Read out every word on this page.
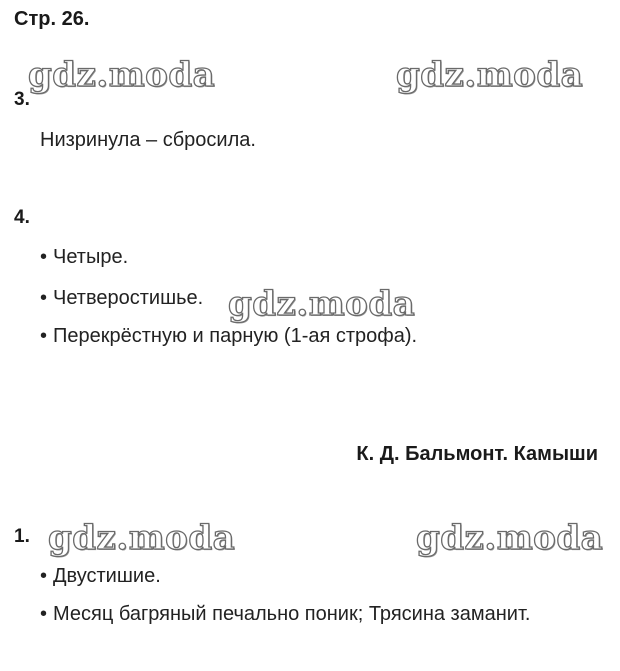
Стр. 26.
3.
Низринула – сбросила.
4.
• Четыре.
• Четверостишье.
• Перекрёстную и парную (1-ая строфа).
К. Д. Бальмонт. Камыши
1.
• Двустишие.
• Месяц багряный печально поник; Трясина заманит.
gdz.moda	gdz.moda
gdz.moda
gdz.moda	gdz.moda
